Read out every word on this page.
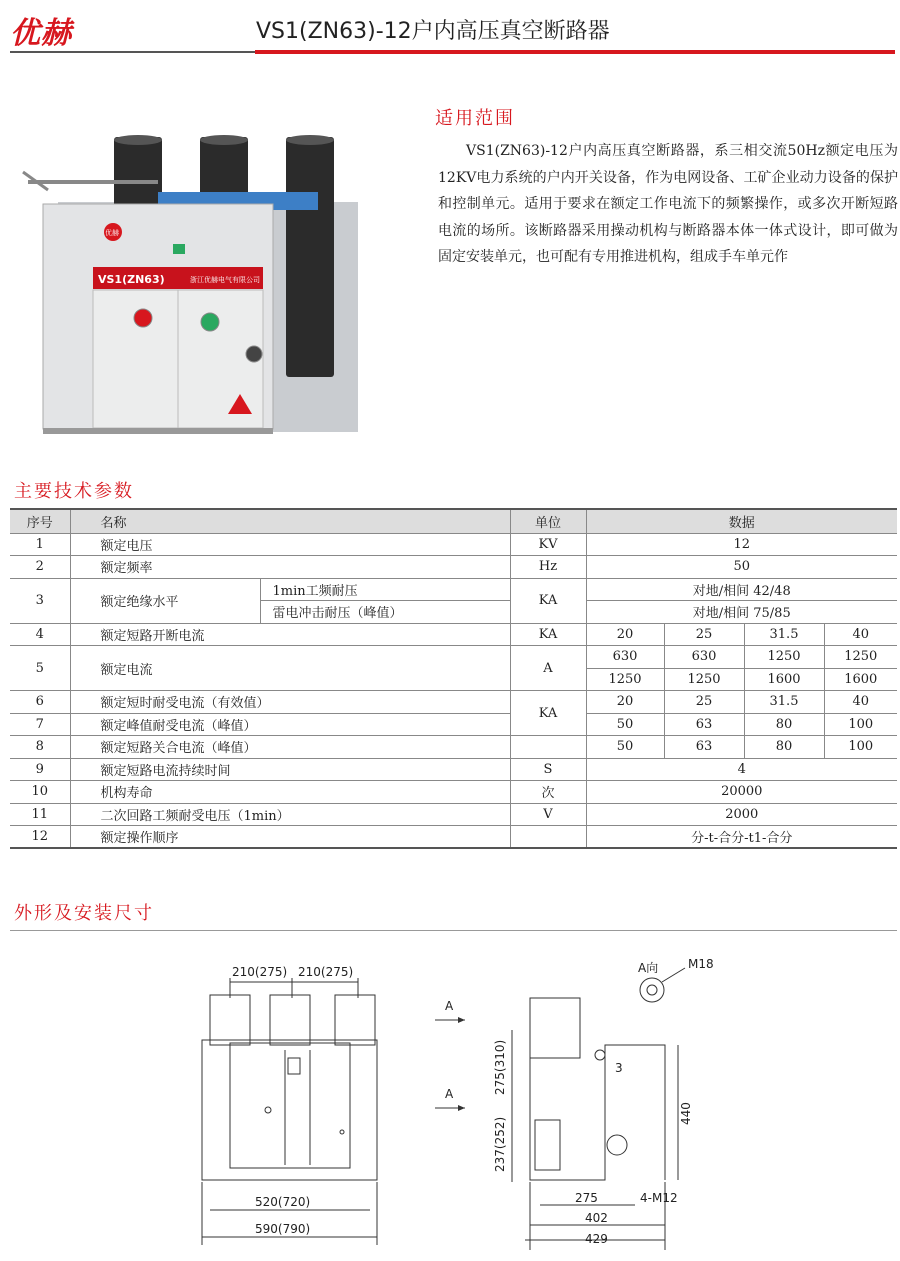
优赫	VS1(ZN63)-12户内高压真空断路器
VS1(ZN63)	浙江优赫电气有限公司
优赫
适用范围

VS1(ZN63)-12户内高压真空断路器，系三相交流50Hz额定电压为12KV电力系统的户内开关设备，作为电网设备、工矿企业动力设备的保护和控制单元。适用于要求在额定工作电流下的频繁操作，或多次开断短路电流的场所。该断路器采用操动机构与断路器本体一体式设计，即可做为固定安装单元，也可配有专用推进机构，组成手车单元作

主要技术参数
序号	名称		单位	数据			
1	额定电压		KV	12			
2	额定频率		Hz	50			
3	额定绝缘水平	1min工频耐压	KA	对地/相间 42/48			
		雷电冲击耐压（峰值）		对地/相间 75/85			
4	额定短路开断电流		KA	20	25	31.5	40
5	额定电流		A	630	630	1250	1250
				1250	1250	1600	1600
6	额定短时耐受电流（有效值）		KA	20	25	31.5	40
7	额定峰值耐受电流（峰值）			50	63	80	100
8	额定短路关合电流（峰值）			50	63	80	100
9	额定短路电流持续时间		S	4			
10	机构寿命		次	20000			
11	二次回路工频耐受电压（1min）		V	2000			
12	额定操作顺序			分-t-合分-t1-合分			
外形及安装尺寸
210(275) 210(275)
520(720)
590(790)
A
A
A向 M18
275(310)
237(252)
440
3
275	4-M12
402
429
